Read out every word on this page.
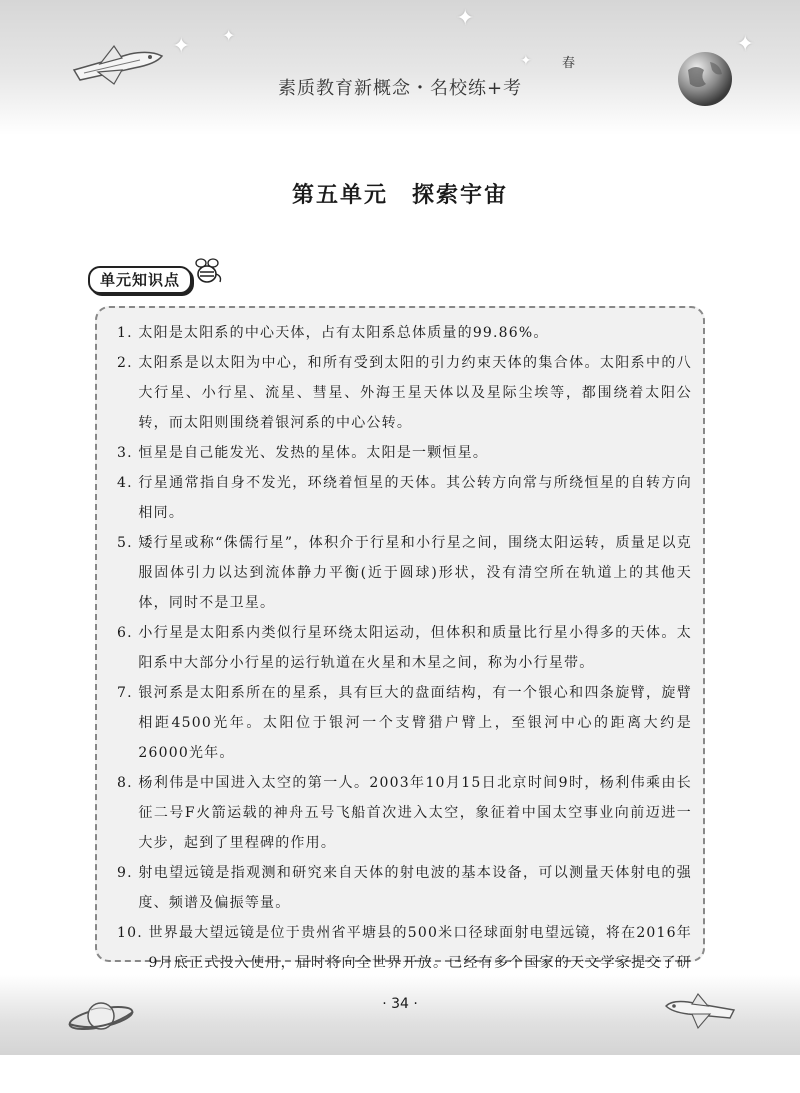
✦ ✦
✦
✦
✦
素质教育新概念・名校练+考
春
第五单元　探索宇宙
单元知识点
1. 太阳是太阳系的中心天体，占有太阳系总体质量的99.86%。
2. 太阳系是以太阳为中心，和所有受到太阳的引力约束天体的集合体。太阳系中的八大行星、小行星、流星、彗星、外海王星天体以及星际尘埃等，都围绕着太阳公转，而太阳则围绕着银河系的中心公转。
3. 恒星是自己能发光、发热的星体。太阳是一颗恒星。
4. 行星通常指自身不发光，环绕着恒星的天体。其公转方向常与所绕恒星的自转方向相同。
5. 矮行星或称“侏儒行星”，体积介于行星和小行星之间，围绕太阳运转，质量足以克服固体引力以达到流体静力平衡(近于圆球)形状，没有清空所在轨道上的其他天体，同时不是卫星。
6. 小行星是太阳系内类似行星环绕太阳运动，但体积和质量比行星小得多的天体。太阳系中大部分小行星的运行轨道在火星和木星之间，称为小行星带。
7. 银河系是太阳系所在的星系，具有巨大的盘面结构，有一个银心和四条旋臂，旋臂相距4500光年。太阳位于银河一个支臂猎户臂上，至银河中心的距离大约是26000光年。
8. 杨利伟是中国进入太空的第一人。2003年10月15日北京时间9时，杨利伟乘由长征二号F火箭运载的神舟五号飞船首次进入太空，象征着中国太空事业向前迈进一大步，起到了里程碑的作用。
9. 射电望远镜是指观测和研究来自天体的射电波的基本设备，可以测量天体射电的强度、频谱及偏振等量。
10. 世界最大望远镜是位于贵州省平塘县的500米口径球面射电望远镜，将在2016年9月底正式投入使用，届时将向全世界开放。已经有多个国家的天文学家提交了研
· 34 ·
